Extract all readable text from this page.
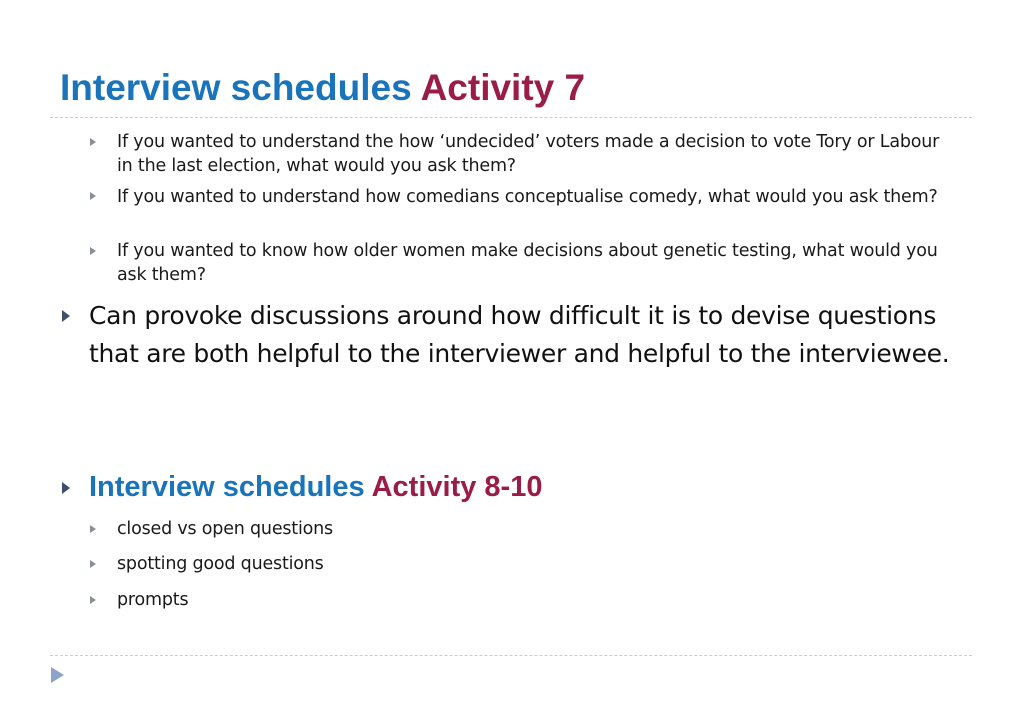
Interview schedules Activity 7
If you wanted to understand the how ‘undecided’ voters made a decision to vote Tory or Labour in the last election, what would you ask them?
If you wanted to understand how comedians conceptualise comedy, what would you ask them?
If you wanted to know how older women make decisions about genetic testing, what would you ask them?
Can provoke discussions around how difficult it is to devise questions that are both helpful to the interviewer and helpful to the interviewee.
Interview schedules Activity 8-10
closed vs open questions
spotting good questions
prompts
